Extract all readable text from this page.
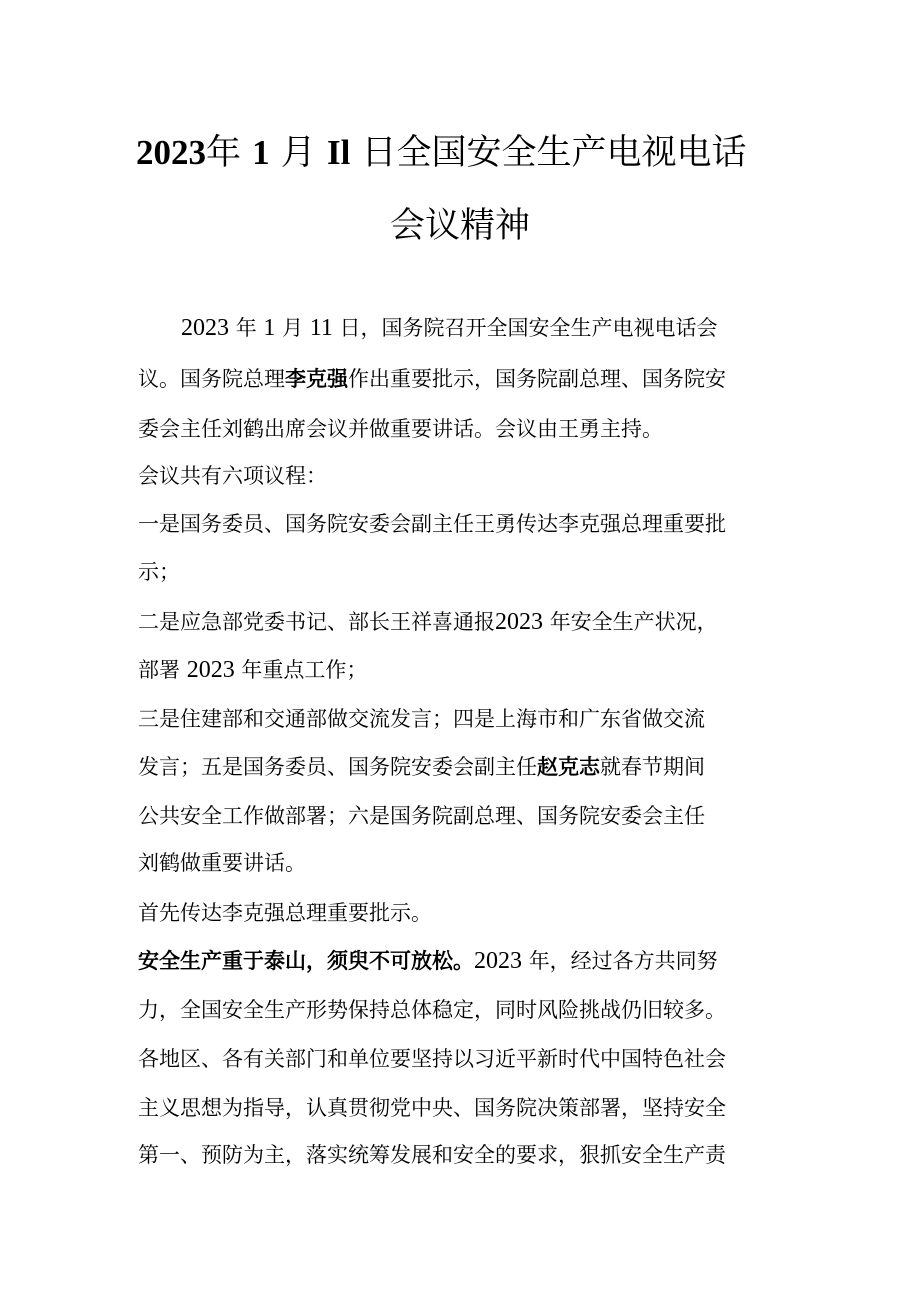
2023年 1 月 Il 日全国安全生产电视电话
会议精神
2023 年 1 月 11 日，国务院召开全国安全生产电视电话会
议。国务院总理李克强作出重要批示，国务院副总理、国务院安
委会主任刘鹤出席会议并做重要讲话。会议由王勇主持。
会议共有六项议程：
一是国务委员、国务院安委会副主任王勇传达李克强总理重要批
示；
二是应急部党委书记、部长王祥喜通报2023 年安全生产状况，
部署 2023 年重点工作；
三是住建部和交通部做交流发言；四是上海市和广东省做交流
发言；五是国务委员、国务院安委会副主任赵克志就春节期间
公共安全工作做部署；六是国务院副总理、国务院安委会主任
刘鹤做重要讲话。
首先传达李克强总理重要批示。
安全生产重于泰山，须臾不可放松。2023 年，经过各方共同努
力，全国安全生产形势保持总体稳定，同时风险挑战仍旧较多。
各地区、各有关部门和单位要坚持以习近平新时代中国特色社会
主义思想为指导，认真贯彻党中央、国务院决策部署，坚持安全
第一、预防为主，落实统筹发展和安全的要求，狠抓安全生产责
